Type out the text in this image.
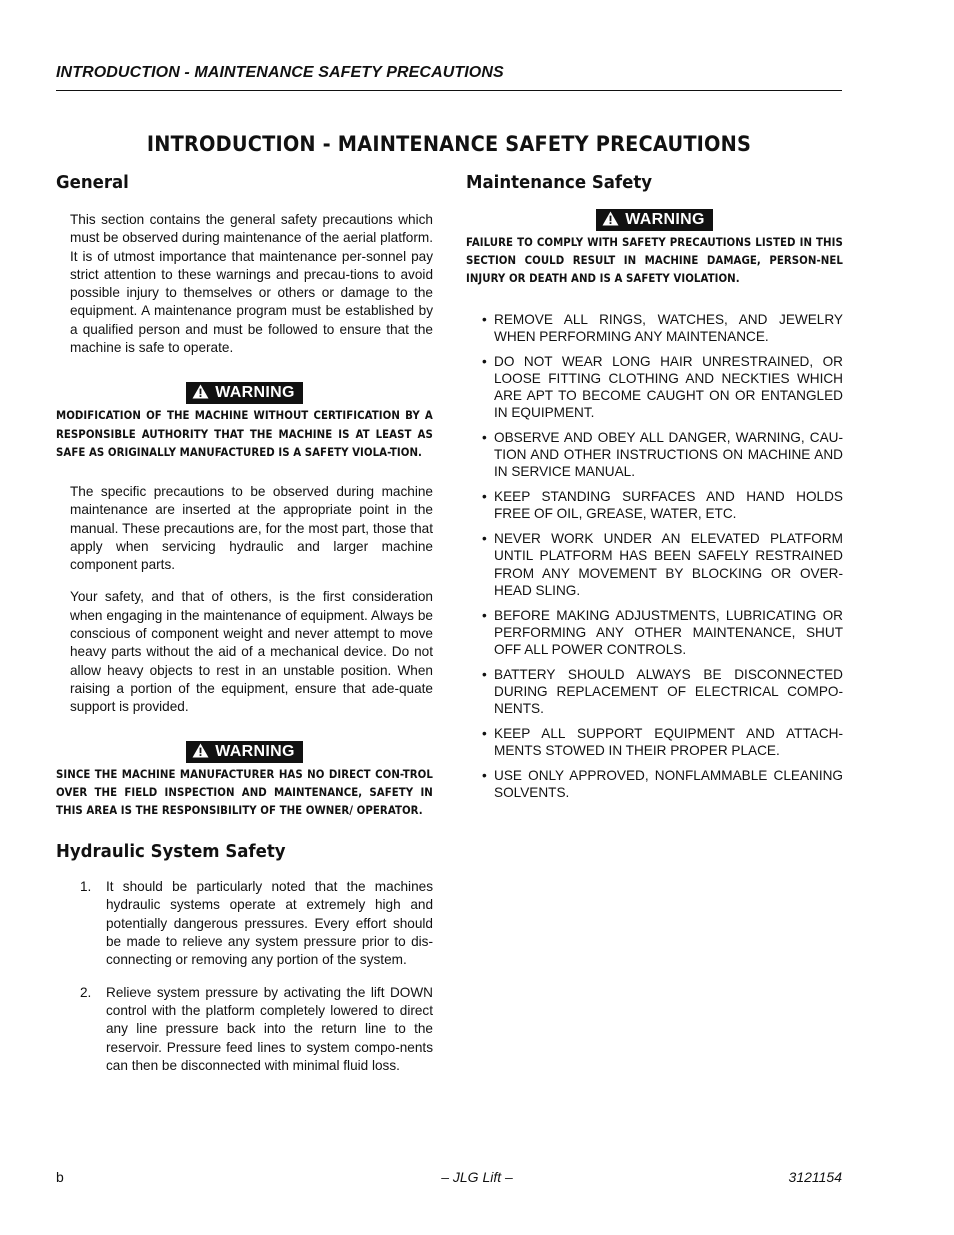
INTRODUCTION - MAINTENANCE SAFETY PRECAUTIONS
INTRODUCTION - MAINTENANCE SAFETY PRECAUTIONS
General

This section contains the general safety precautions which must be observed during maintenance of the aerial platform. It is of utmost importance that maintenance per-sonnel pay strict attention to these warnings and precau-tions to avoid possible injury to themselves or others or damage to the equipment. A maintenance program must be established by a qualified person and must be followed to ensure that the machine is safe to operate.

WARNING

MODIFICATION OF THE MACHINE WITHOUT CERTIFICATION BY A RESPONSIBLE AUTHORITY THAT THE MACHINE IS AT LEAST AS SAFE AS ORIGINALLY MANUFACTURED IS A SAFETY VIOLA-TION.

The specific precautions to be observed during machine maintenance are inserted at the appropriate point in the manual. These precautions are, for the most part, those that apply when servicing hydraulic and larger machine component parts.

Your safety, and that of others, is the first consideration when engaging in the maintenance of equipment. Always be conscious of component weight and never attempt to move heavy parts without the aid of a mechanical device. Do not allow heavy objects to rest in an unstable position. When raising a portion of the equipment, ensure that ade-quate support is provided.

WARNING

SINCE THE MACHINE MANUFACTURER HAS NO DIRECT CON-TROL OVER THE FIELD INSPECTION AND MAINTENANCE, SAFETY IN THIS AREA IS THE RESPONSIBILITY OF THE OWNER/ OPERATOR.

Hydraulic System Safety
1. It should be particularly noted that the machines hydraulic systems operate at extremely high and potentially dangerous pressures. Every effort should be made to relieve any system pressure prior to dis-connecting or removing any portion of the system.
2. Relieve system pressure by activating the lift DOWN control with the platform completely lowered to direct any line pressure back into the return line to the reservoir. Pressure feed lines to system compo-nents can then be disconnected with minimal fluid loss.
Maintenance Safety
WARNING

FAILURE TO COMPLY WITH SAFETY PRECAUTIONS LISTED IN THIS SECTION COULD RESULT IN MACHINE DAMAGE, PERSON-NEL INJURY OR DEATH AND IS A SAFETY VIOLATION.

• REMOVE ALL RINGS, WATCHES, AND JEWELRY WHEN PERFORMING ANY MAINTENANCE.
• DO NOT WEAR LONG HAIR UNRESTRAINED, OR LOOSE FITTING CLOTHING AND NECKTIES WHICH ARE APT TO BECOME CAUGHT ON OR ENTANGLED IN EQUIPMENT.
• OBSERVE AND OBEY ALL DANGER, WARNING, CAU-TION AND OTHER INSTRUCTIONS ON MACHINE AND IN SERVICE MANUAL.
• KEEP STANDING SURFACES AND HAND HOLDS FREE OF OIL, GREASE, WATER, ETC.
• NEVER WORK UNDER AN ELEVATED PLATFORM UNTIL PLATFORM HAS BEEN SAFELY RESTRAINED FROM ANY MOVEMENT BY BLOCKING OR OVER-HEAD SLING.
• BEFORE MAKING ADJUSTMENTS, LUBRICATING OR PERFORMING ANY OTHER MAINTENANCE, SHUT OFF ALL POWER CONTROLS.
• BATTERY SHOULD ALWAYS BE DISCONNECTED DURING REPLACEMENT OF ELECTRICAL COMPO-NENTS.
• KEEP ALL SUPPORT EQUIPMENT AND ATTACH-MENTS STOWED IN THEIR PROPER PLACE.
• USE ONLY APPROVED, NONFLAMMABLE CLEANING SOLVENTS.
b	– JLG Lift –	3121154
